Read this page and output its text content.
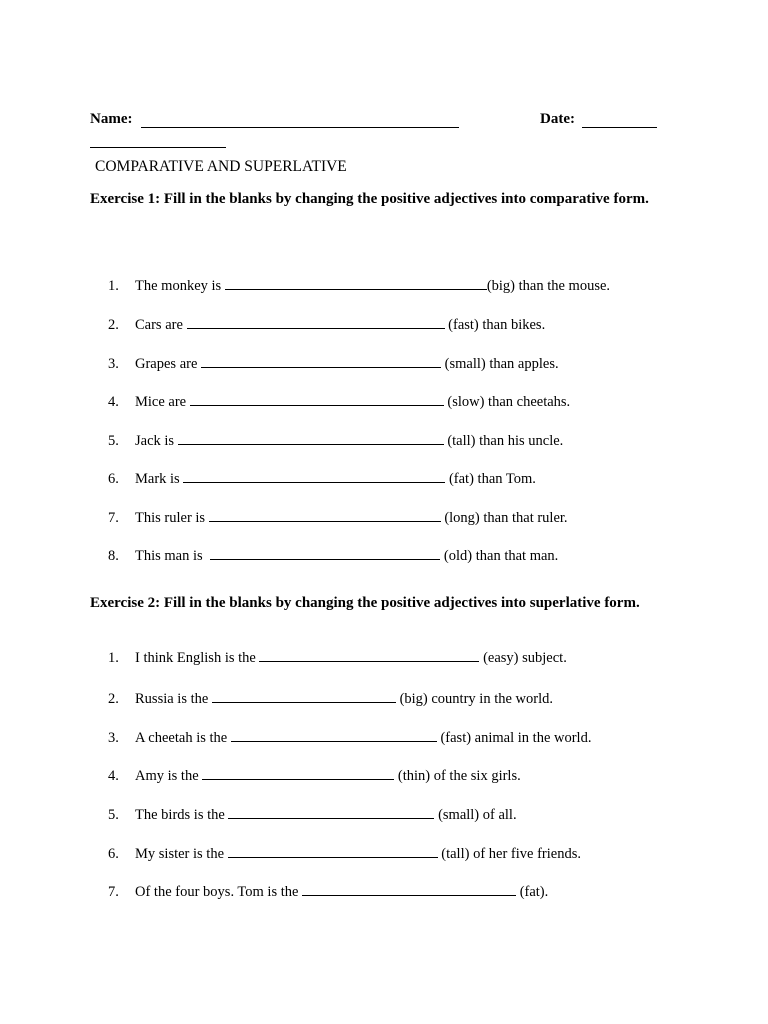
Name:	Date:
COMPARATIVE AND SUPERLATIVE
Exercise 1: Fill in the blanks by changing the positive adjectives into comparative form.
1. The monkey is	(big) than the mouse.
2. Cars are	(fast) than bikes.
3. Grapes are	(small) than apples.
4. Mice are	(slow) than cheetahs.
5. Jack is	(tall) than his uncle.
6. Mark is	(fat) than Tom.
7. This ruler is	(long) than that ruler.
8. This man is	(old) than that man.
Exercise 2: Fill in the blanks by changing the positive adjectives into superlative form.
1. I think English is the	(easy) subject.
2. Russia is the	(big) country in the world.
3. A cheetah is the	(fast) animal in the world.
4. Amy is the	(thin) of the six girls.
5. The birds is the	(small) of all.
6. My sister is the	(tall) of her five friends.
7. Of the four boys. Tom is the	(fat).
